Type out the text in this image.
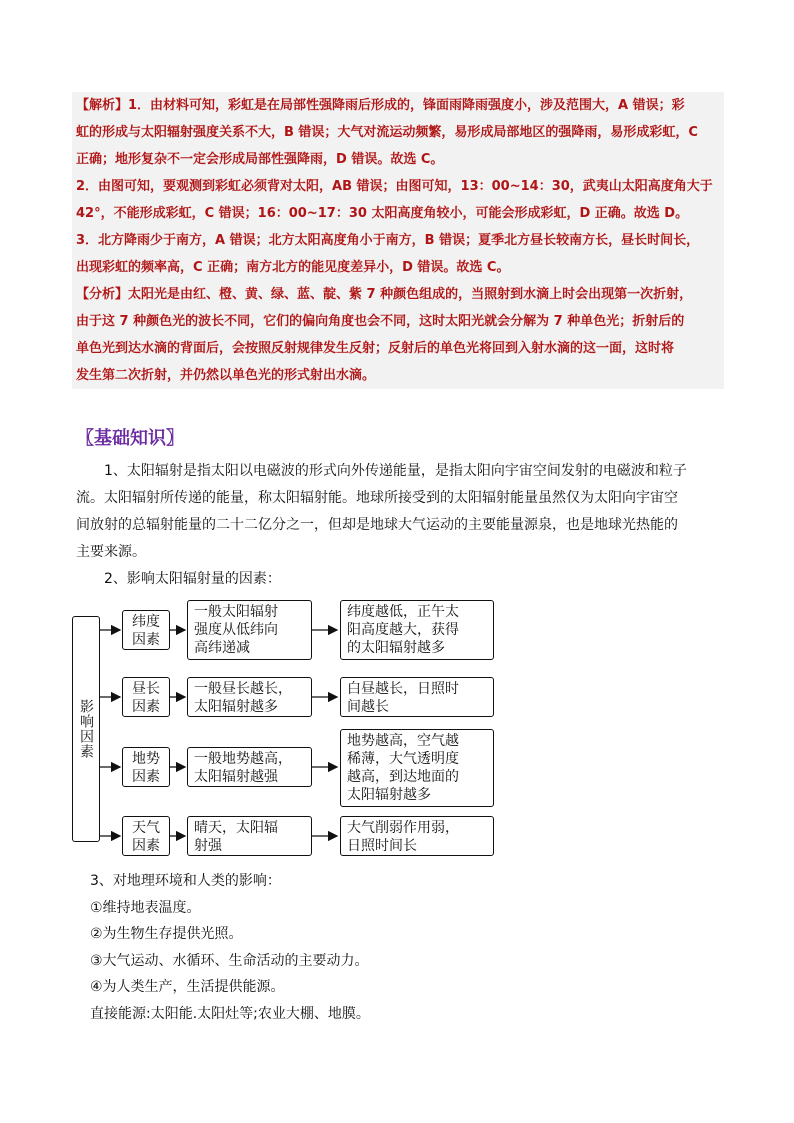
【解析】1．由材料可知，彩虹是在局部性强降雨后形成的，锋面雨降雨强度小，涉及范围大，A 错误；彩

虹的形成与太阳辐射强度关系不大，B 错误；大气对流运动频繁，易形成局部地区的强降雨，易形成彩虹，C

正确；地形复杂不一定会形成局部性强降雨，D 错误。故选 C。

2．由图可知，要观测到彩虹必须背对太阳，AB 错误；由图可知，13：00~14：30，武夷山太阳高度角大于

42°，不能形成彩虹，C 错误；16：00~17：30 太阳高度角较小，可能会形成彩虹，D 正确。故选 D。

3．北方降雨少于南方，A 错误；北方太阳高度角小于南方，B 错误；夏季北方昼长较南方长，昼长时间长，

出现彩虹的频率高，C 正确；南方北方的能见度差异小，D 错误。故选 C。

【分析】太阳光是由红、橙、黄、绿、蓝、靛、紫 7 种颜色组成的，当照射到水滴上时会出现第一次折射，

由于这 7 种颜色光的波长不同，它们的偏向角度也会不同，这时太阳光就会分解为 7 种单色光；折射后的

单色光到达水滴的背面后，会按照反射规律发生反射；反射后的单色光将回到入射水滴的这一面，这时将

发生第二次折射，并仍然以单色光的形式射出水滴。

〖基础知识〗

1、太阳辐射是指太阳以电磁波的形式向外传递能量，是指太阳向宇宙空间发射的电磁波和粒子

流。太阳辐射所传递的能量，称太阳辐射能。地球所接受到的太阳辐射能量虽然仅为太阳向宇宙空

间放射的总辐射能量的二十二亿分之一，但却是地球大气运动的主要能量源泉，也是地球光热能的

主要来源。

2、影响太阳辐射量的因素：

影响因素
纬度
因素
一般太阳辐射
强度从低纬向
高纬递减
纬度越低，正午太
阳高度越大，获得
的太阳辐射越多
昼长
因素
一般昼长越长，
太阳辐射越多
白昼越长，日照时
间越长
地势
因素
一般地势越高，
太阳辐射越强
地势越高，空气越
稀薄，大气透明度
越高，到达地面的
太阳辐射越多
天气
因素
晴天，太阳辐
射强
大气削弱作用弱，
日照时间长

3、对地理环境和人类的影响：

①维持地表温度。

②为生物生存提供光照。

③大气运动、水循环、生命活动的主要动力。

④为人类生产，生活提供能源。

直接能源:太阳能.太阳灶等;农业大棚、地膜。
